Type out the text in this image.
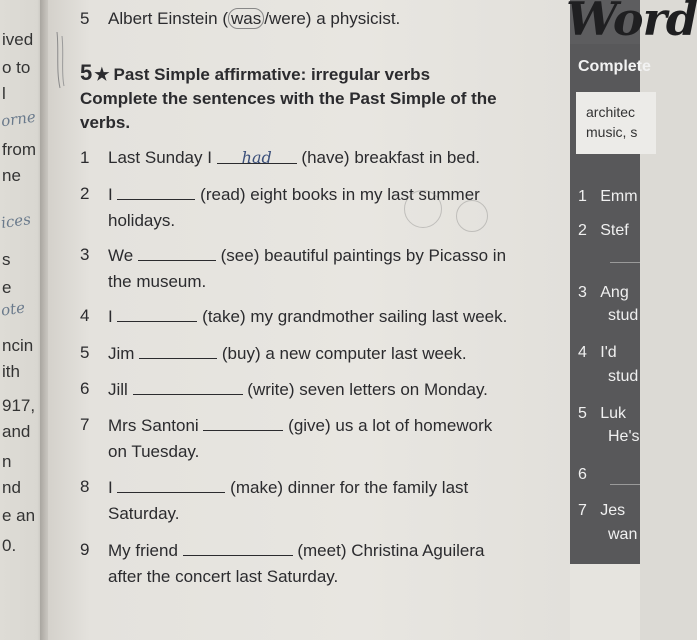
ived
o to
l
orne
from
ne
ices
s
e
ote
ncin
ith
917,
and
n
nd
e an
0.
5 Albert Einstein ( was /were) a physicist.
5 ★ Past Simple affirmative: irregular verbs
Complete the sentences with the Past Simple of the
verbs.
1	Last Sunday I had (have) breakfast in bed.
2	I	(read) eight books in my last summer
holidays.
3	We	(see) beautiful paintings by Picasso in
the museum.
4	I	(take) my grandmother sailing last week.
5	Jim	(buy) a new computer last week.
6	Jill	(write) seven letters on Monday.
7	Mrs Santoni	(give) us a lot of homework
on Tuesday.
8	I	(make) dinner for the family last
Saturday.
9	My friend	(meet) Christina Aguilera
after the concert last Saturday.
Word
Complete
architec
music, s
1 Emm
2 Stef
3 Ang
stud
4 I'd
stud
5 Luk
He's
6
7 Jes
wan
